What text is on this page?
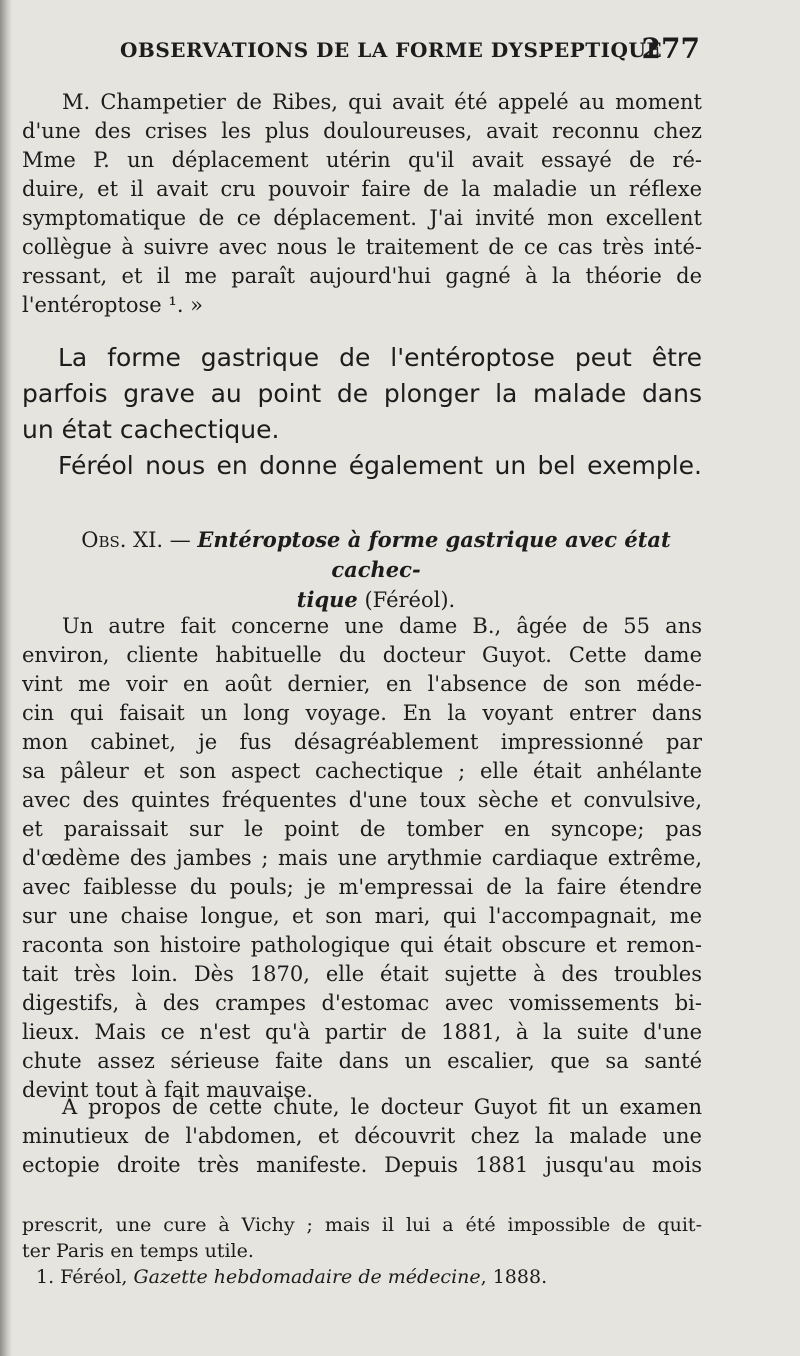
OBSERVATIONS DE LA FORME DYSPEPTIQUE
277
M. Champetier de Ribes, qui avait été appelé au moment
d'une des crises les plus douloureuses, avait reconnu chez
Mme P. un déplacement utérin qu'il avait essayé de ré-
duire, et il avait cru pouvoir faire de la maladie un réflexe
symptomatique de ce déplacement. J'ai invité mon excellent
collègue à suivre avec nous le traitement de ce cas très inté-
ressant, et il me paraît aujourd'hui gagné à la théorie de
l'entéroptose ¹. »
La forme gastrique de l'entéroptose peut être
parfois grave au point de plonger la malade dans
un état cachectique.
Féréol nous en donne également un bel exemple.
Obs. XI. — Entéroptose à forme gastrique avec état cachec-
tique (Féréol).
Un autre fait concerne une dame B., âgée de 55 ans
environ, cliente habituelle du docteur Guyot. Cette dame
vint me voir en août dernier, en l'absence de son méde-
cin qui faisait un long voyage. En la voyant entrer dans
mon cabinet, je fus désagréablement impressionné par
sa pâleur et son aspect cachectique ; elle était anhélante
avec des quintes fréquentes d'une toux sèche et convulsive,
et paraissait sur le point de tomber en syncope; pas
d'œdème des jambes ; mais une arythmie cardiaque extrême,
avec faiblesse du pouls; je m'empressai de la faire étendre
sur une chaise longue, et son mari, qui l'accompagnait, me
raconta son histoire pathologique qui était obscure et remon-
tait très loin. Dès 1870, elle était sujette à des troubles
digestifs, à des crampes d'estomac avec vomissements bi-
lieux. Mais ce n'est qu'à partir de 1881, à la suite d'une
chute assez sérieuse faite dans un escalier, que sa santé
devint tout à fait mauvaise.
A propos de cette chute, le docteur Guyot fit un examen
minutieux de l'abdomen, et découvrit chez la malade une
ectopie droite très manifeste. Depuis 1881 jusqu'au mois
prescrit, une cure à Vichy ; mais il lui a été impossible de quit-
ter Paris en temps utile.
1. Féréol, Gazette hebdomadaire de médecine, 1888.
